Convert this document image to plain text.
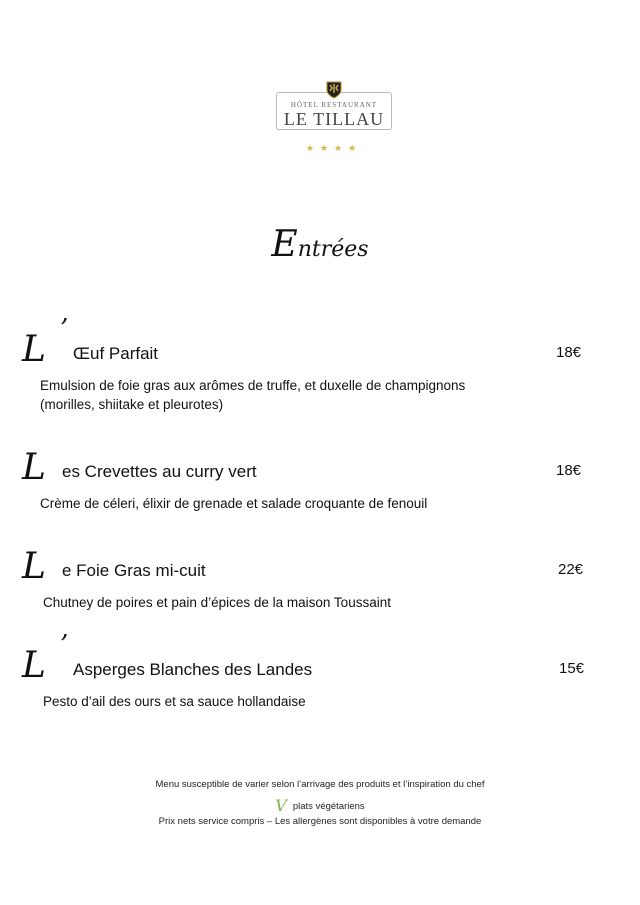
HÔTEL RESTAURANT
LE TILLAU
★★★★
Entrées
L ’
Œuf Parfait	18€
Emulsion de foie gras aux arômes de truffe, et duxelle de champignons
(morilles, shiitake et pleurotes)
L es Crevettes au curry vert	18€
Crème de céleri, élixir de grenade et salade croquante de fenouil
L e Foie Gras mi-cuit	22€
Chutney de poires et pain d’épices de la maison Toussaint
L ’
Asperges Blanches des Landes	15€
Pesto d’ail des ours et sa sauce hollandaise
Menu susceptible de varier selon l’arrivage des produits et l’inspiration du chef
Vplats végétariens
Prix nets service compris – Les allergènes sont disponibles à votre demande
